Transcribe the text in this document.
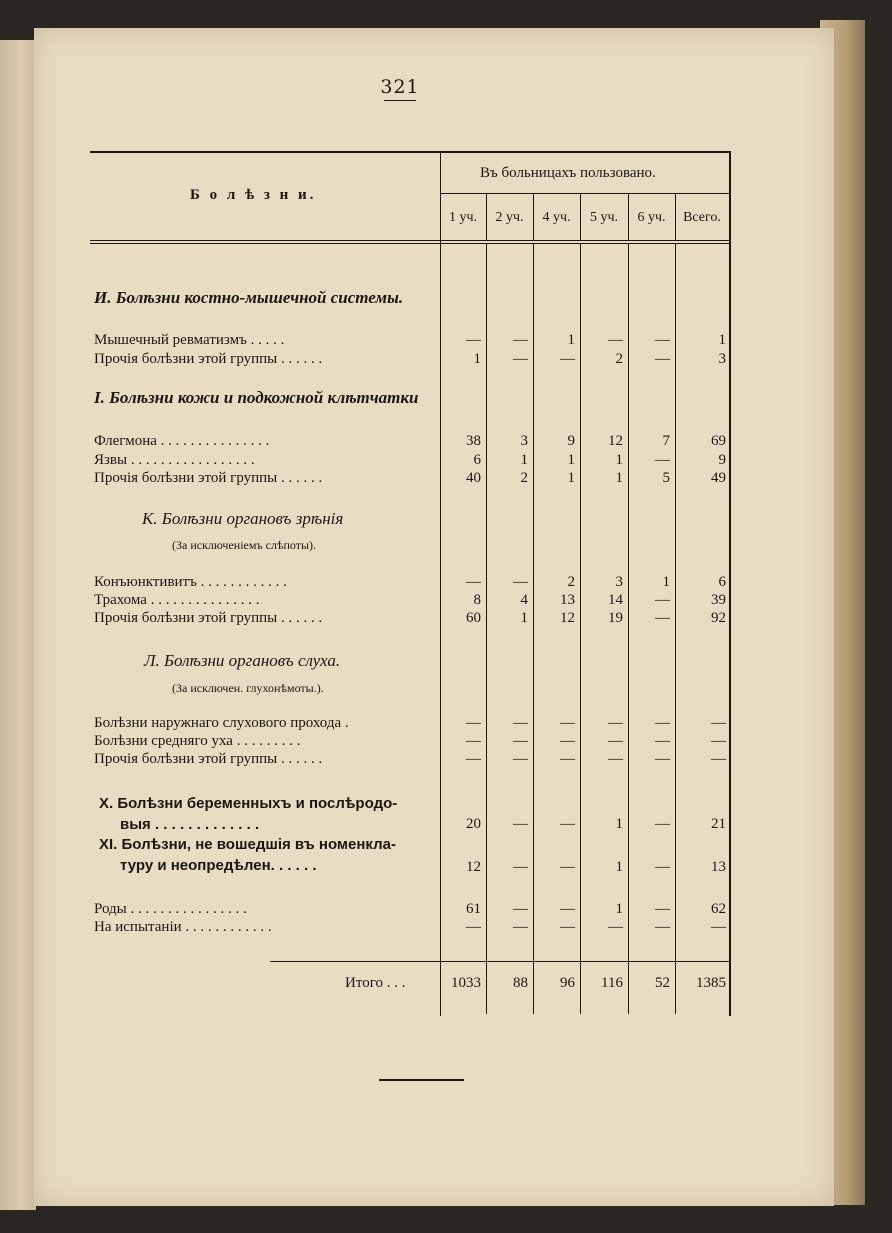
321
Б о л ѣ з н и.
Въ больницахъ пользовано.
1 уч.	2 уч.	4 уч.	5 уч.	6 уч.	Всего.
И. Болѣзни костно-мышечной системы.
Мышечный ревматизмъ . . . . .	—	—	1	—	—	1
Прочія болѣзни этой группы . . . . . .	1	—	—	2	—	3
І. Болѣзни кожи и подкожной клѣтчатки
Флегмона . . . . . . . . . . . . . . .	38	3	9	12	7	69
Язвы . . . . . . . . . . . . . . . . .	6	1	1	1	—	9
Прочія болѣзни этой группы . . . . . .	40	2	1	1	5	49
К. Болѣзни органовъ зрѣнія
(За исключеніемъ слѣпоты).
Конъюнктивитъ . . . . . . . . . . . .	—	—	2	3	1	6
Трахома . . . . . . . . . . . . . . .	8	4	13	14	—	39
Прочія болѣзни этой группы . . . . . .	60	1	12	19	—	92
Л. Болѣзни органовъ слуха.
(За исключен. глухонѣмоты.).
Болѣзни наружнаго слухового прохода .	—	—	—	—	—	—
Болѣзни средняго уха . . . . . . . . .	—	—	—	—	—	—
Прочія болѣзни этой группы . . . . . .	—	—	—	—	—	—
X. Болѣзни беременныхъ и послѣродо-
выя . . . . . . . . . . . . .	20	—	—	1	—	21
XI. Болѣзни, не вошедшія въ номенкла-
туру и неопредѣлен. . . . . .	12	—	—	1	—	13
Роды . . . . . . . . . . . . . . . .	61	—	—	1	—	62
На испытаніи . . . . . . . . . . . .	—	—	—	—	—	—
Итого . . .	1033	88	96	116	52	1385
